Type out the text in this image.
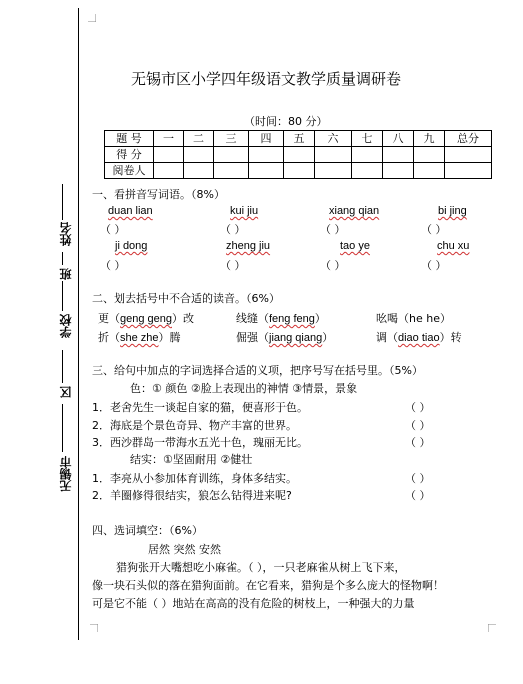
无锡市
区
学校
班
姓名
无锡市区小学四年级语文教学质量调研卷
（时间：80 分）
题 号	一	二	三	四	五	六	七	八	九	总分
得 分										
阅卷人										
一、看拼音写词语。（8%）
duan lian	kui jiu	xiang qian	bi jing
（ ）	（ ）	（ ）	（ ）
ji dong	zheng jiu	tao ye	chu xu
（ ）	（ ）	（ ）	（ ）
二、划去括号中不合适的读音。（6%）
更（geng geng）改	线缝（feng feng）	吆喝（he he）
折（she zhe）腾	倔强（jiang qiang）	调（diao tiao）转
三、给句中加点的字词选择合适的义项，把序号写在括号里。（5%）
色：① 颜色 ②脸上表现出的神情 ③情景，景象
1．老舍先生一谈起自家的猫，便喜形于色。	（ ）
2．海底是个景色奇异、物产丰富的世界。	（ ）
3．西沙群岛一带海水五光十色，瑰丽无比。	（ ）
结实：①坚固耐用 ②健壮
1．李亮从小参加体育训练，身体多结实。	（ ）
2．羊圈修得很结实，狼怎么钻得进来呢?	（ ）
四、选词填空：（6%）
居然 突然 安然
猎狗张开大嘴想吃小麻雀。（ ），一只老麻雀从树上飞下来，
像一块石头似的落在猎狗面前。在它看来，猎狗是个多么庞大的怪物啊！
可是它不能（ ）地站在高高的没有危险的树枝上，一种强大的力量
